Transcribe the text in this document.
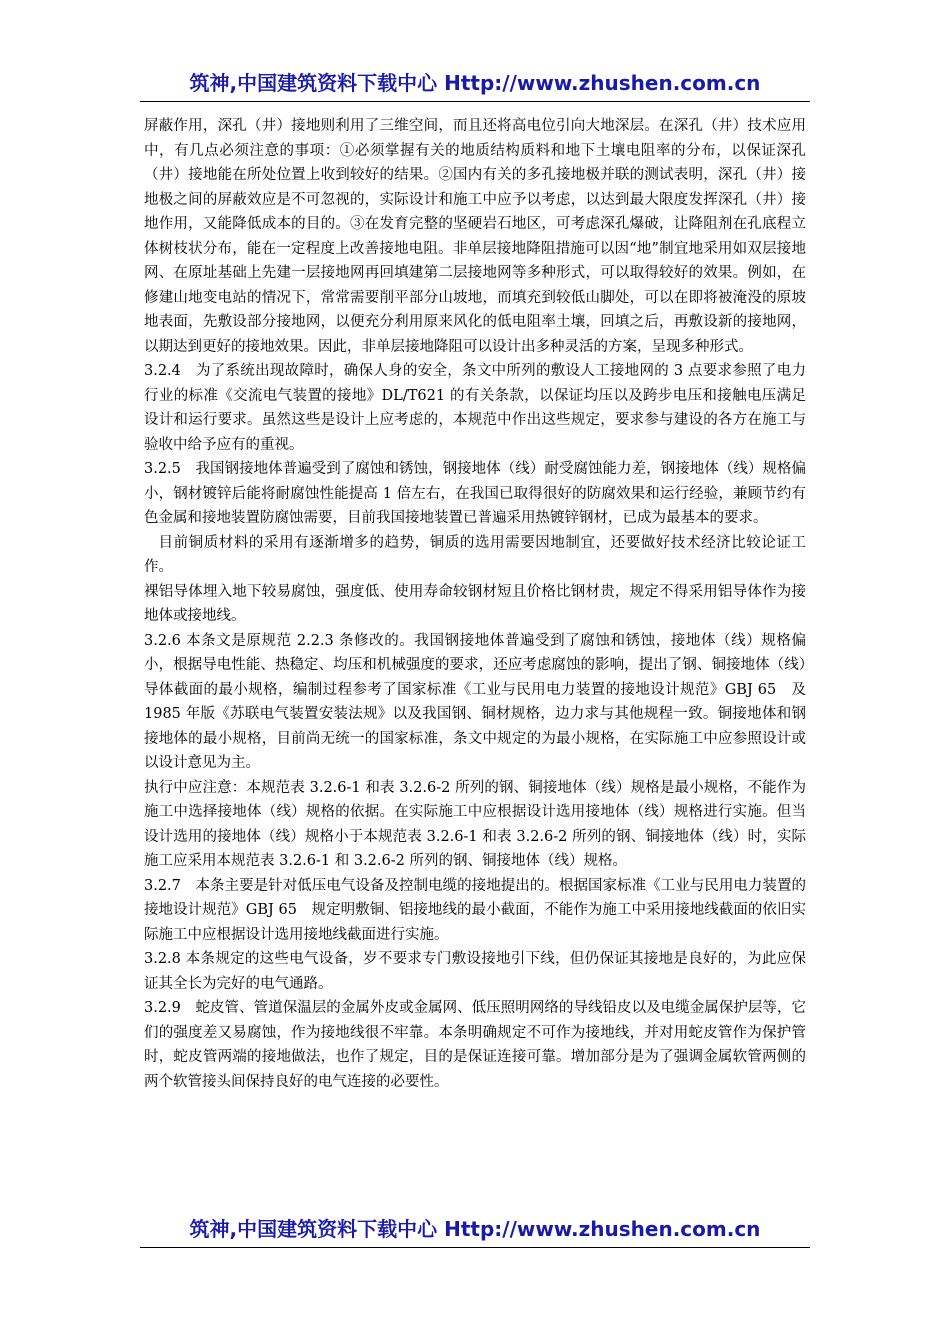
筑神,中国建筑资料下载中心 Http://www.zhushen.com.cn

屏蔽作用，深孔（井）接地则利用了三维空间，而且还将高电位引向大地深层。在深孔（井）技术应用中，有几点必须注意的事项：①必须掌握有关的地质结构质料和地下土壤电阻率的分布，以保证深孔（井）接地能在所处位置上收到较好的结果。②国内有关的多孔接地极并联的测试表明，深孔（井）接地极之间的屏蔽效应是不可忽视的，实际设计和施工中应予以考虑，以达到最大限度发挥深孔（井）接地作用，又能降低成本的目的。③在发育完整的坚硬岩石地区，可考虑深孔爆破，让降阻剂在孔底程立体树枝状分布，能在一定程度上改善接地电阻。非单层接地降阻措施可以因“地”制宜地采用如双层接地网、在原址基础上先建一层接地网再回填建第二层接地网等多种形式，可以取得较好的效果。例如，在修建山地变电站的情况下，常常需要削平部分山坡地，而填充到较低山脚处，可以在即将被淹没的原坡地表面，先敷设部分接地网，以便充分利用原来风化的低电阻率土壤，回填之后，再敷设新的接地网，以期达到更好的接地效果。因此，非单层接地降阻可以设计出多种灵活的方案，呈现多种形式。

3.2.4　为了系统出现故障时，确保人身的安全，条文中所列的敷设人工接地网的 3 点要求参照了电力行业的标准《交流电气装置的接地》DL/T621 的有关条款，以保证均压以及跨步电压和接触电压满足设计和运行要求。虽然这些是设计上应考虑的，本规范中作出这些规定，要求参与建设的各方在施工与验收中给予应有的重视。

3.2.5　我国钢接地体普遍受到了腐蚀和锈蚀，钢接地体（线）耐受腐蚀能力差，钢接地体（线）规格偏小，钢材镀锌后能将耐腐蚀性能提高 1 倍左右，在我国已取得很好的防腐效果和运行经验，兼顾节约有色金属和接地装置防腐蚀需要，目前我国接地装置已普遍采用热镀锌钢材，已成为最基本的要求。

目前铜质材料的采用有逐渐增多的趋势，铜质的选用需要因地制宜，还要做好技术经济比较论证工作。

裸铝导体埋入地下较易腐蚀，强度低、使用寿命较钢材短且价格比钢材贵，规定不得采用铝导体作为接地体或接地线。

3.2.6 本条文是原规范 2.2.3 条修改的。我国钢接地体普遍受到了腐蚀和锈蚀，接地体（线）规格偏小，根据导电性能、热稳定、均压和机械强度的要求，还应考虑腐蚀的影响，提出了钢、铜接地体（线）导体截面的最小规格，编制过程参考了国家标准《工业与民用电力装置的接地设计规范》GBJ 65　及 1985 年版《苏联电气装置安装法规》以及我国钢、铜材规格，边力求与其他规程一致。铜接地体和钢接地体的最小规格，目前尚无统一的国家标准，条文中规定的为最小规格，在实际施工中应参照设计或以设计意见为主。

执行中应注意：本规范表 3.2.6-1 和表 3.2.6-2 所列的钢、铜接地体（线）规格是最小规格，不能作为施工中选择接地体（线）规格的依据。在实际施工中应根据设计选用接地体（线）规格进行实施。但当设计选用的接地体（线）规格小于本规范表 3.2.6-1 和表 3.2.6-2 所列的钢、铜接地体（线）时，实际施工应采用本规范表 3.2.6-1 和 3.2.6-2 所列的钢、铜接地体（线）规格。

3.2.7　本条主要是针对低压电气设备及控制电缆的接地提出的。根据国家标准《工业与民用电力装置的接地设计规范》GBJ 65　规定明敷铜、铝接地线的最小截面，不能作为施工中采用接地线截面的依旧实际施工中应根据设计选用接地线截面进行实施。

3.2.8 本条规定的这些电气设备，岁不要求专门敷设接地引下线，但仍保证其接地是良好的，为此应保证其全长为完好的电气通路。

3.2.9　蛇皮管、管道保温层的金属外皮或金属网、低压照明网络的导线铅皮以及电缆金属保护层等，它们的强度差又易腐蚀，作为接地线很不牢靠。本条明确规定不可作为接地线，并对用蛇皮管作为保护管时，蛇皮管两端的接地做法，也作了规定，目的是保证连接可靠。增加部分是为了强调金属软管两侧的两个软管接头间保持良好的电气连接的必要性。

筑神,中国建筑资料下载中心 Http://www.zhushen.com.cn
